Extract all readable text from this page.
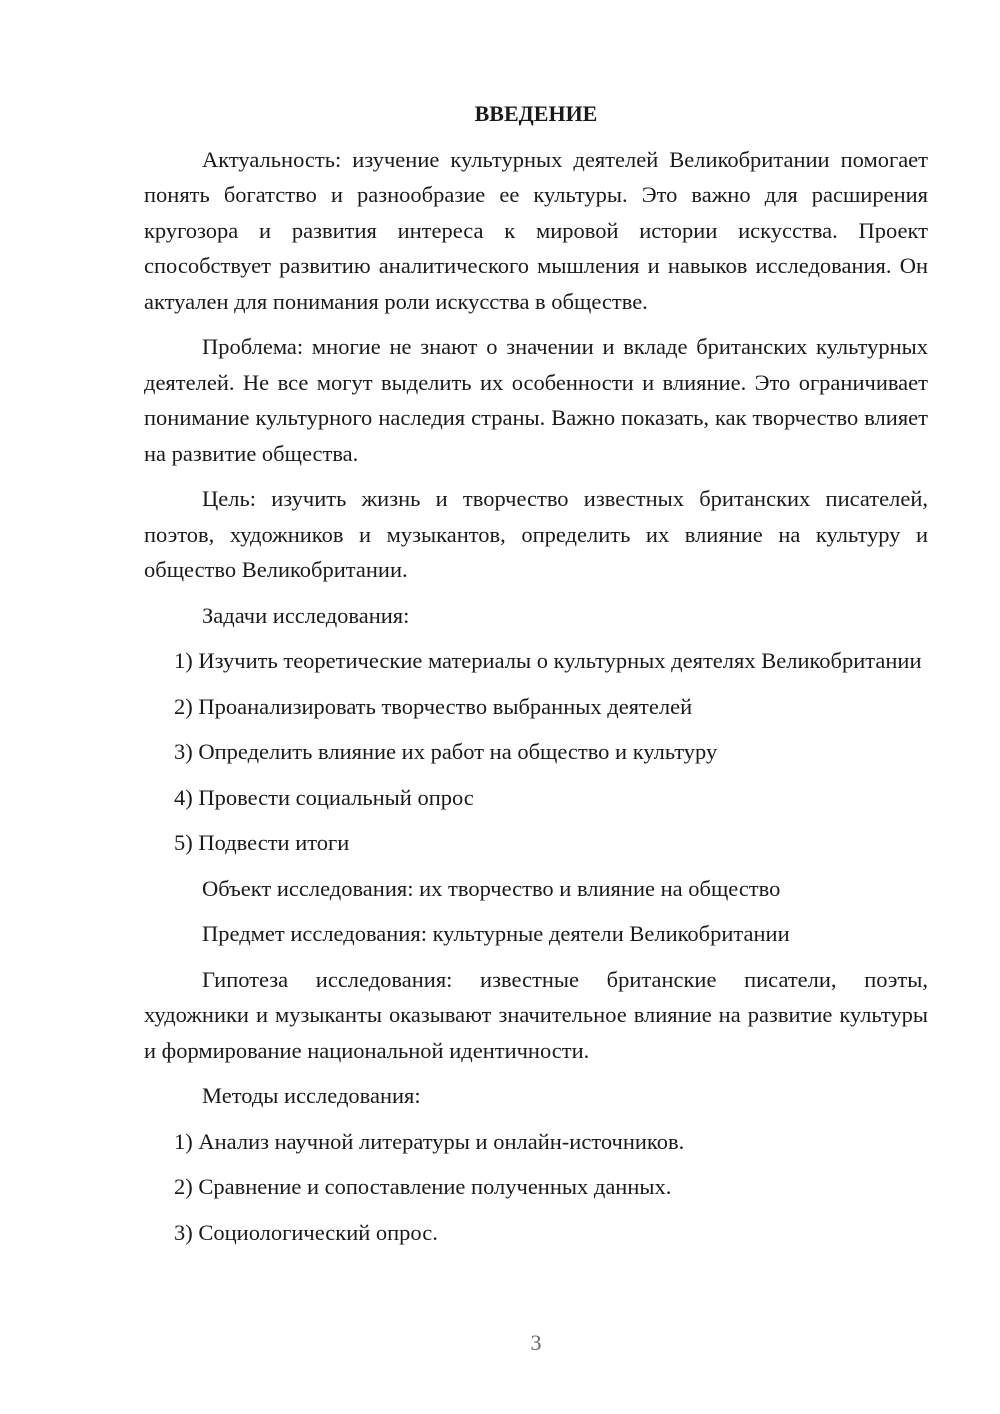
ВВЕДЕНИЕ

Актуальность: изучение культурных деятелей Великобритании помогает понять богатство и разнообразие ее культуры. Это важно для расширения кругозора и развития интереса к мировой истории искусства. Проект способствует развитию аналитического мышления и навыков исследования. Он актуален для понимания роли искусства в обществе.

Проблема: многие не знают о значении и вкладе британских культурных деятелей. Не все могут выделить их особенности и влияние. Это ограничивает понимание культурного наследия страны. Важно показать, как творчество влияет на развитие общества.

Цель: изучить жизнь и творчество известных британских писателей, поэтов, художников и музыкантов, определить их влияние на культуру и общество Великобритании.

Задачи исследования:

1) Изучить теоретические материалы о культурных деятелях Великобритании

2) Проанализировать творчество выбранных деятелей

3) Определить влияние их работ на общество и культуру

4) Провести социальный опрос

5) Подвести итоги

Объект исследования: их творчество и влияние на общество

Предмет исследования: культурные деятели Великобритании

Гипотеза исследования: известные британские писатели, поэты, художники и музыканты оказывают значительное влияние на развитие культуры и формирование национальной идентичности.

Методы исследования:

1) Анализ научной литературы и онлайн-источников.

2) Сравнение и сопоставление полученных данных.

3) Социологический опрос.

3
